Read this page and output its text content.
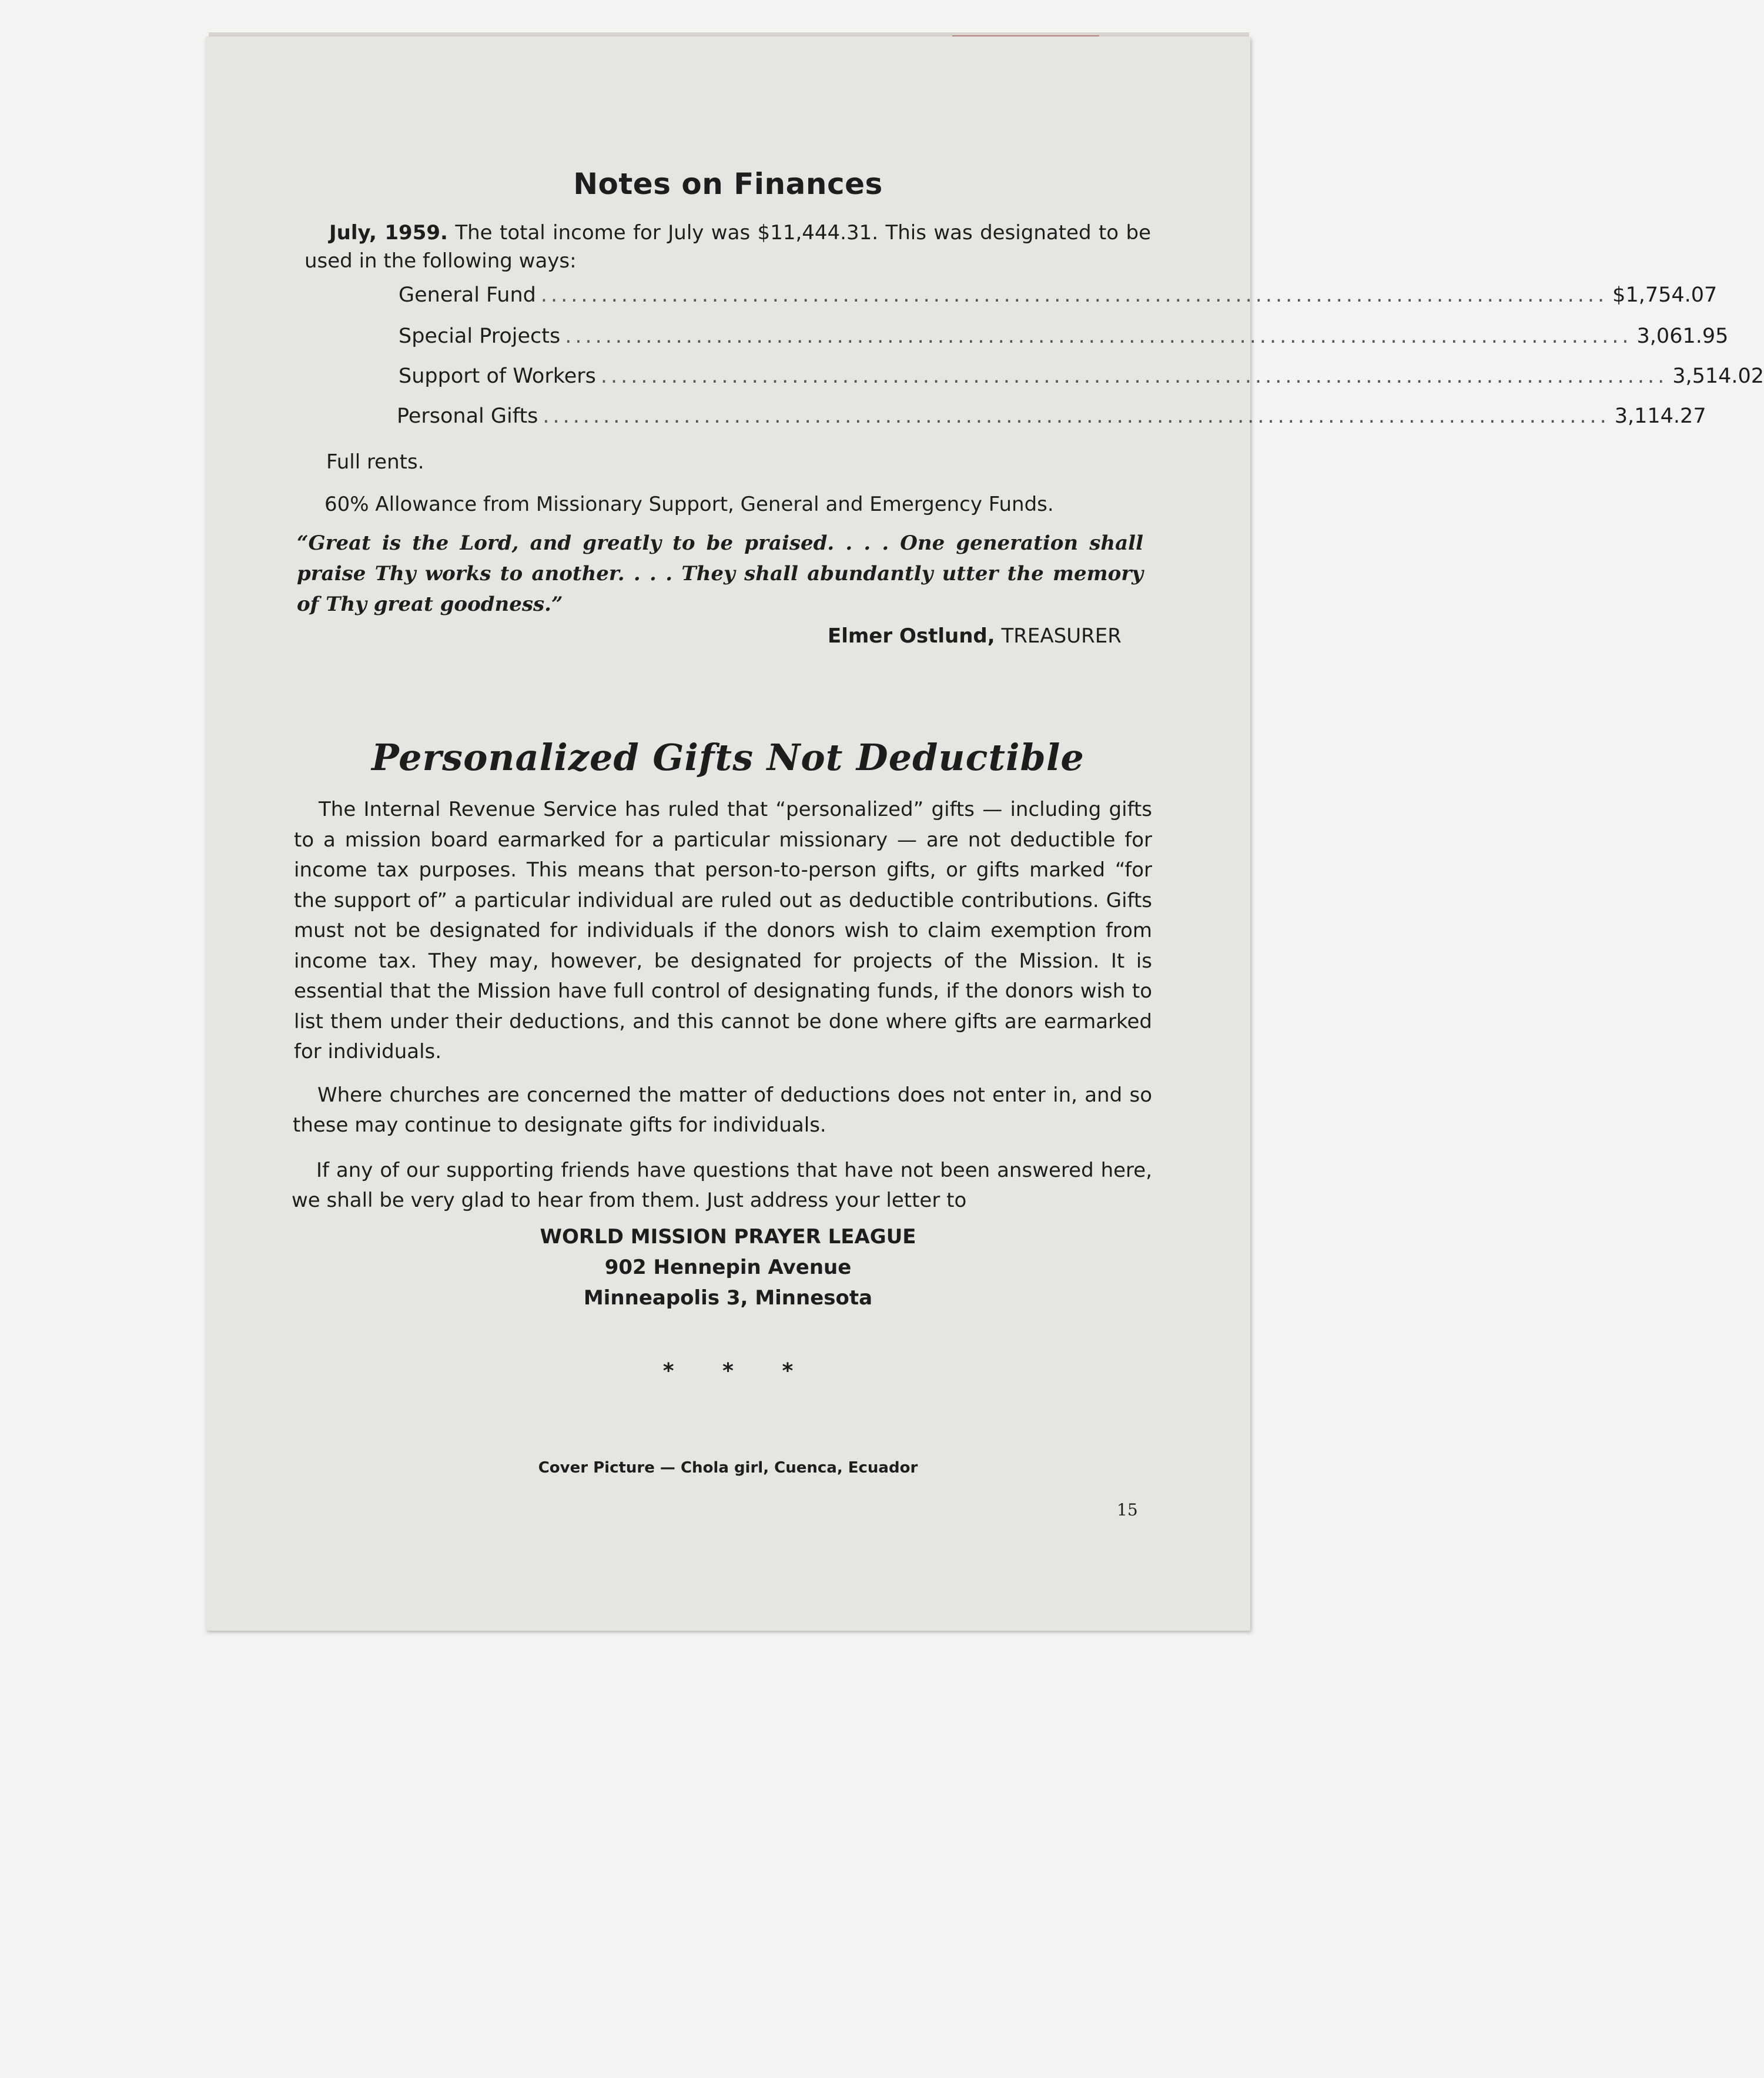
Notes on Finances
July, 1959. The total income for July was $11,444.31. This was designated to be used in the following ways:
General Fund .......................................................................................................... $1,754.07
Special Projects .......................................................................................................... 3,061.95
Support of Workers .......................................................................................................... 3,514.02
Personal Gifts .......................................................................................................... 3,114.27
Full rents.
60% Allowance from Missionary Support, General and Emergency Funds.
“Great is the Lord, and greatly to be praised. . . . One generation shall praise Thy works to another. . . . They shall abundantly utter the memory of Thy great goodness.”
Elmer Ostlund, TREASURER
Personalized Gifts Not Deductible
The Internal Revenue Service has ruled that “personalized” gifts — including gifts to a mission board earmarked for a particular missionary — are not deductible for income tax purposes. This means that person-to-person gifts, or gifts marked “for the support of” a particular individual are ruled out as deductible contributions. Gifts must not be designated for individuals if the donors wish to claim exemption from income tax. They may, however, be designated for projects of the Mission. It is essential that the Mission have full control of designating funds, if the donors wish to list them under their deductions, and this cannot be done where gifts are earmarked for individuals.
Where churches are concerned the matter of deductions does not enter in, and so these may continue to designate gifts for individuals.
If any of our supporting friends have questions that have not been answered here, we shall be very glad to hear from them. Just address your letter to
WORLD MISSION PRAYER LEAGUE
902 Hennepin Avenue
Minneapolis 3, Minnesota
* * *
Cover Picture — Chola girl, Cuenca, Ecuador
15
